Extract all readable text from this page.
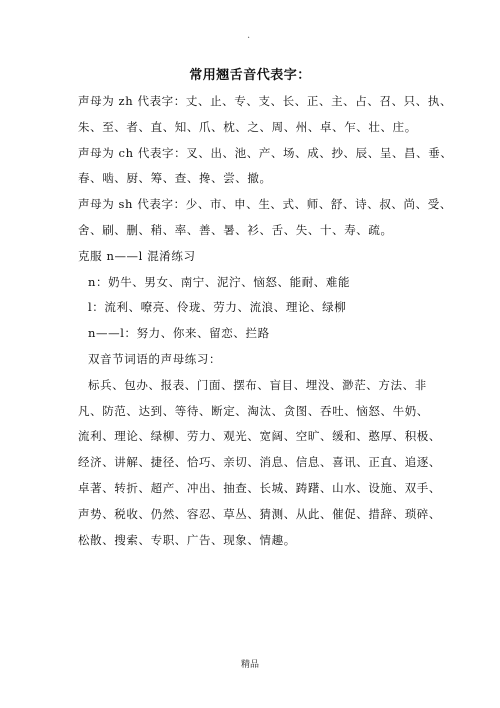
.
常用翘舌音代表字：
声母为 zh 代表字：丈、止、专、支、长、正、主、占、召、只、执、
朱、至、者、直、知、爪、枕、之、周、州、卓、乍、壮、庄。
声母为 ch 代表字：叉、出、池、产、场、成、抄、辰、呈、昌、垂、
春、啮、厨、筹、查、搀、尝、撤。
声母为 sh 代表字：少、市、申、生、式、师、舒、诗、叔、尚、受、
舍、刷、删、稍、率、善、暑、衫、舌、失、十、寿、疏。
克服 n——l 混淆练习
n：奶牛、男女、南宁、泥泞、恼怒、能耐、难能
l：流利、嘹亮、伶珑、劳力、流浪、理论、绿柳
n——l：努力、你来、留恋、拦路
双音节词语的声母练习：
标兵、包办、报表、门面、摆布、盲目、埋没、渺茫、方法、非
凡、防范、达到、等待、断定、淘汰、贪图、吞吐、恼怒、牛奶、
流利、理论、绿柳、劳力、观光、宽阔、空旷、缓和、憨厚、积极、
经济、讲解、捷径、恰巧、亲切、消息、信息、喜讯、正直、追逐、
卓著、转折、超产、冲出、抽查、长城、踌躇、山水、设施、双手、
声势、税收、仍然、容忍、草丛、猜测、从此、催促、措辞、琐碎、
松散、搜索、专职、广告、现象、情趣。
精品
